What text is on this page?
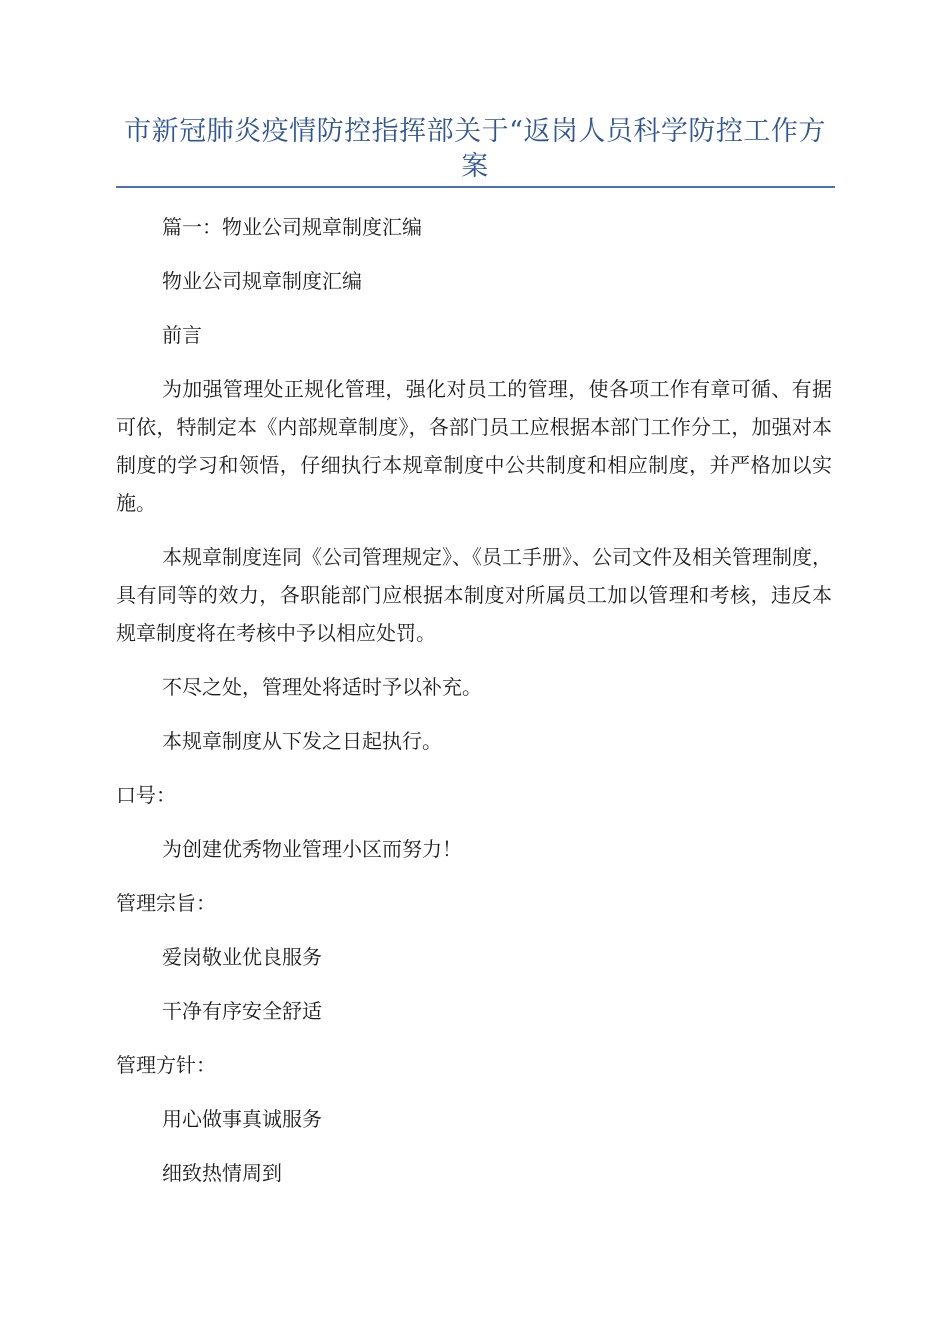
市新冠肺炎疫情防控指挥部关于“返岗人员科学防控工作方案

篇一：物业公司规章制度汇编

物业公司规章制度汇编

前言

为加强管理处正规化管理，强化对员工的管理，使各项工作有章可循、有据可依，特制定本《内部规章制度》，各部门员工应根据本部门工作分工，加强对本制度的学习和领悟，仔细执行本规章制度中公共制度和相应制度，并严格加以实施。

本规章制度连同《公司管理规定》、《员工手册》、公司文件及相关管理制度，具有同等的效力，各职能部门应根据本制度对所属员工加以管理和考核，违反本规章制度将在考核中予以相应处罚。

不尽之处，管理处将适时予以补充。

本规章制度从下发之日起执行。

口号：

为创建优秀物业管理小区而努力！

管理宗旨：

爱岗敬业优良服务

干净有序安全舒适

管理方针：

用心做事真诚服务

细致热情周到
